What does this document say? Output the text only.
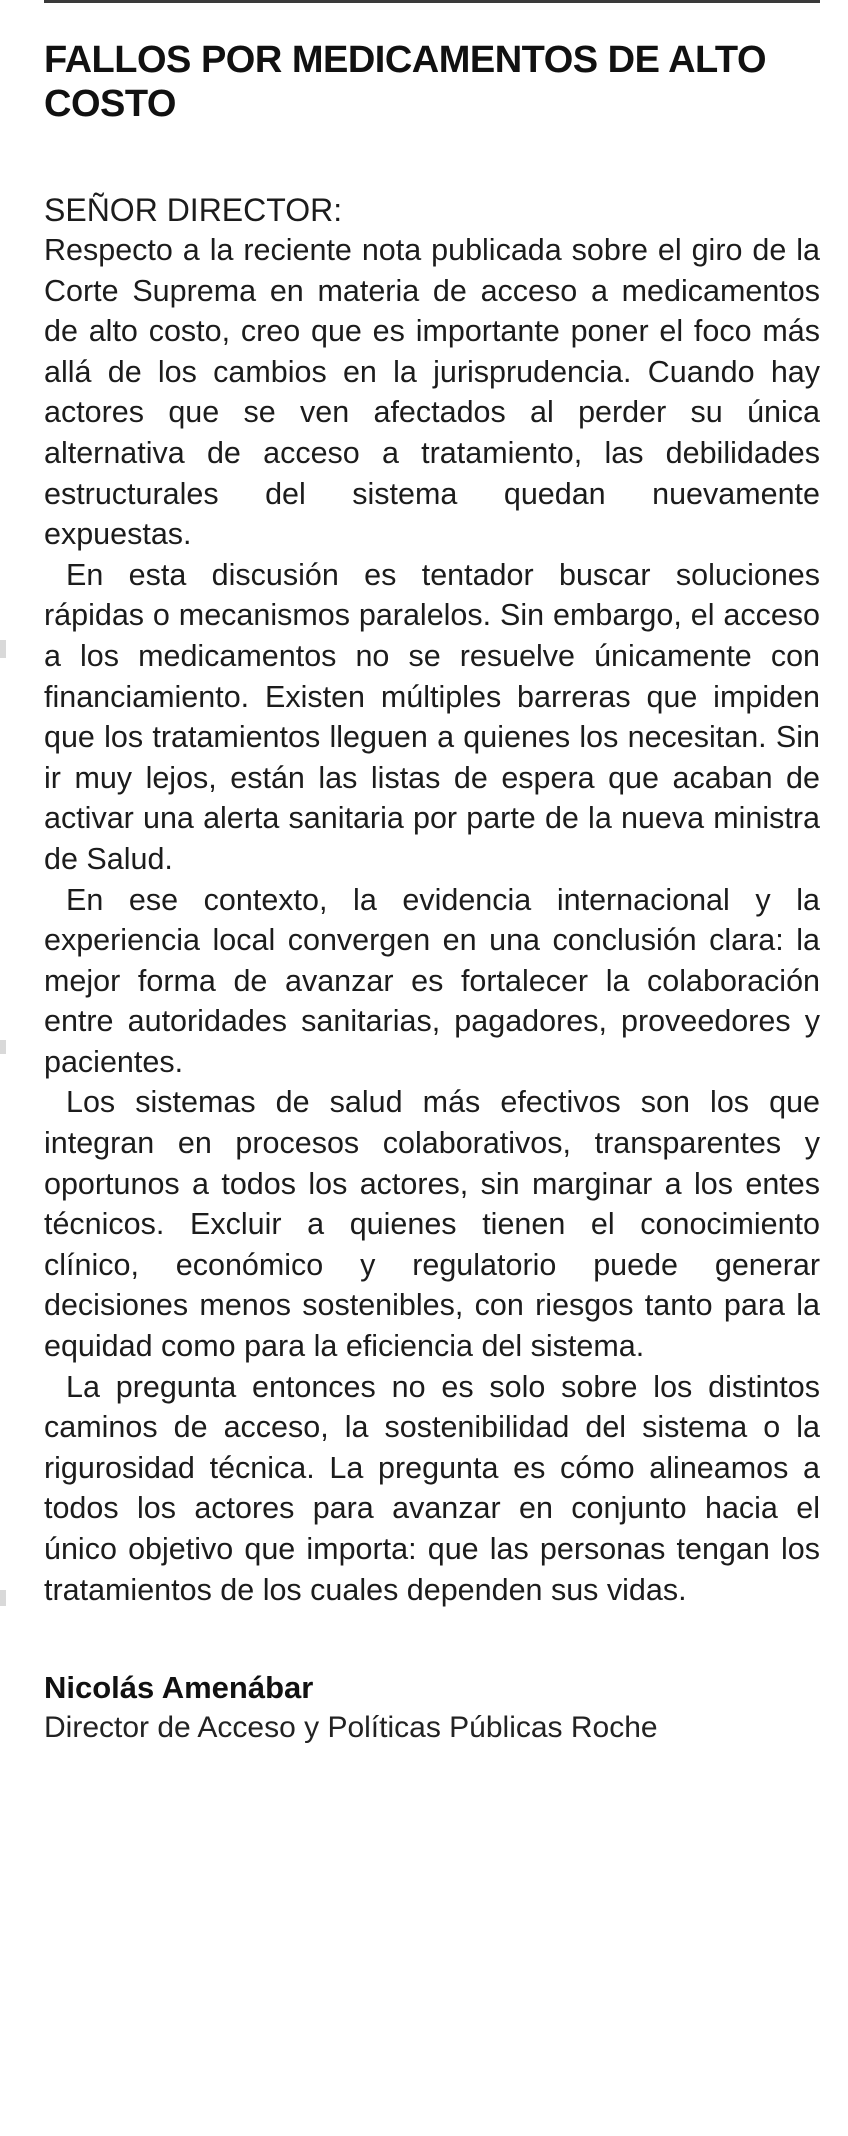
FALLOS POR MEDICAMENTOS DE ALTO COSTO
SEÑOR DIRECTOR:

Respecto a la reciente nota publicada sobre el giro de la Corte Suprema en materia de acceso a medicamentos de alto costo, creo que es importante poner el foco más allá de los cambios en la jurisprudencia. Cuando hay actores que se ven afectados al perder su única alternativa de acceso a tratamiento, las debilidades estructurales del sistema quedan nuevamente expuestas.

En esta discusión es tentador buscar soluciones rápidas o mecanismos paralelos. Sin embargo, el acceso a los medicamentos no se resuelve únicamente con financiamiento. Existen múltiples barreras que impiden que los tratamientos lleguen a quienes los necesitan. Sin ir muy lejos, están las listas de espera que acaban de activar una alerta sanitaria por parte de la nueva ministra de Salud.

En ese contexto, la evidencia internacional y la experiencia local convergen en una conclusión clara: la mejor forma de avanzar es fortalecer la colaboración entre autoridades sanitarias, pagadores, proveedores y pacientes.

Los sistemas de salud más efectivos son los que integran en procesos colaborativos, transparentes y oportunos a todos los actores, sin marginar a los entes técnicos. Excluir a quienes tienen el conocimiento clínico, económico y regulatorio puede generar decisiones menos sostenibles, con riesgos tanto para la equidad como para la eficiencia del sistema.

La pregunta entonces no es solo sobre los distintos caminos de acceso, la sostenibilidad del sistema o la rigurosidad técnica. La pregunta es cómo alineamos a todos los actores para avanzar en conjunto hacia el único objetivo que importa: que las personas tengan los tratamientos de los cuales dependen sus vidas.

Nicolás Amenábar
Director de Acceso y Políticas Públicas Roche
